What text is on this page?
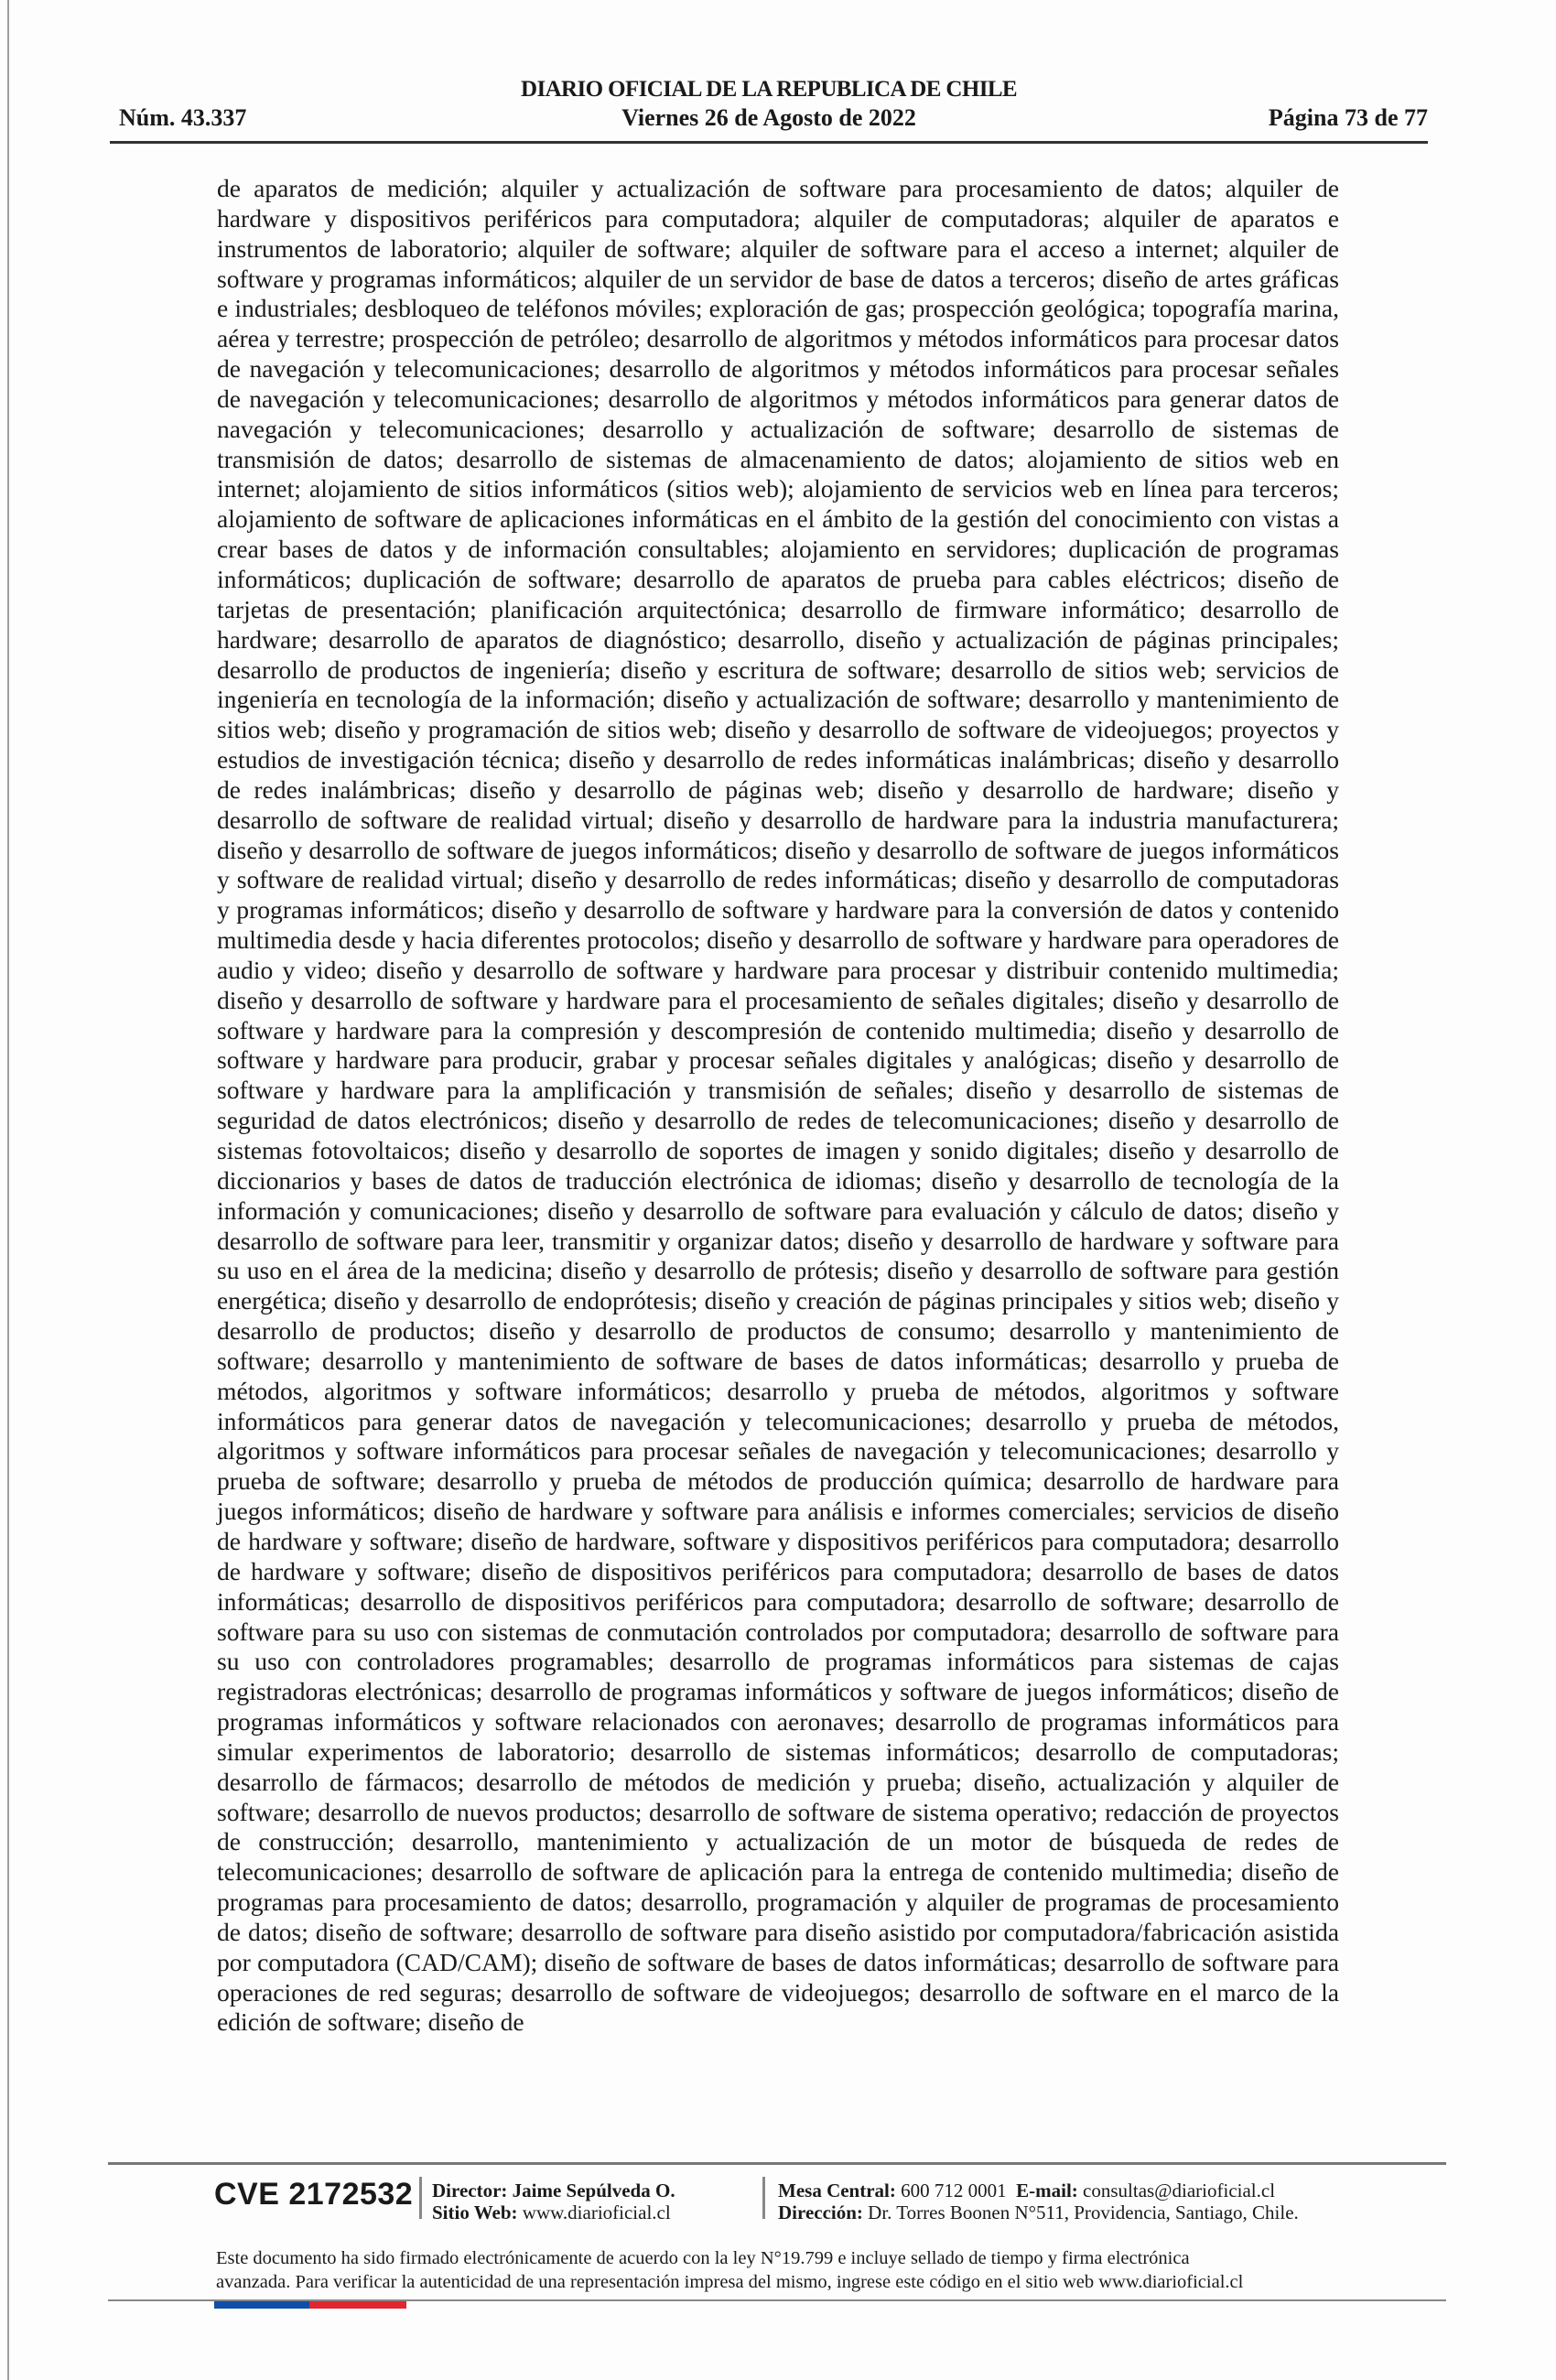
DIARIO OFICIAL DE LA REPUBLICA DE CHILE
Núm. 43.337	Viernes 26 de Agosto de 2022	Página 73 de 77

de aparatos de medición; alquiler y actualización de software para procesamiento de datos; alquiler de hardware y dispositivos periféricos para computadora; alquiler de computadoras; alquiler de aparatos e instrumentos de laboratorio; alquiler de software; alquiler de software para el acceso a internet; alquiler de software y programas informáticos; alquiler de un servidor de base de datos a terceros; diseño de artes gráficas e industriales; desbloqueo de teléfonos móviles; exploración de gas; prospección geológica; topografía marina, aérea y terrestre; prospección de petróleo; desarrollo de algoritmos y métodos informáticos para procesar datos de navegación y telecomunicaciones; desarrollo de algoritmos y métodos informáticos para procesar señales de navegación y telecomunicaciones; desarrollo de algoritmos y métodos informáticos para generar datos de navegación y telecomunicaciones; desarrollo y actualización de software; desarrollo de sistemas de transmisión de datos; desarrollo de sistemas de almacenamiento de datos; alojamiento de sitios web en internet; alojamiento de sitios informáticos (sitios web); alojamiento de servicios web en línea para terceros; alojamiento de software de aplicaciones informáticas en el ámbito de la gestión del conocimiento con vistas a crear bases de datos y de información consultables; alojamiento en servidores; duplicación de programas informáticos; duplicación de software; desarrollo de aparatos de prueba para cables eléctricos; diseño de tarjetas de presentación; planificación arquitectónica; desarrollo de firmware informático; desarrollo de hardware; desarrollo de aparatos de diagnóstico; desarrollo, diseño y actualización de páginas principales; desarrollo de productos de ingeniería; diseño y escritura de software; desarrollo de sitios web; servicios de ingeniería en tecnología de la información; diseño y actualización de software; desarrollo y mantenimiento de sitios web; diseño y programación de sitios web; diseño y desarrollo de software de videojuegos; proyectos y estudios de investigación técnica; diseño y desarrollo de redes informáticas inalámbricas; diseño y desarrollo de redes inalámbricas; diseño y desarrollo de páginas web; diseño y desarrollo de hardware; diseño y desarrollo de software de realidad virtual; diseño y desarrollo de hardware para la industria manufacturera; diseño y desarrollo de software de juegos informáticos; diseño y desarrollo de software de juegos informáticos y software de realidad virtual; diseño y desarrollo de redes informáticas; diseño y desarrollo de computadoras y programas informáticos; diseño y desarrollo de software y hardware para la conversión de datos y contenido multimedia desde y hacia diferentes protocolos; diseño y desarrollo de software y hardware para operadores de audio y video; diseño y desarrollo de software y hardware para procesar y distribuir contenido multimedia; diseño y desarrollo de software y hardware para el procesamiento de señales digitales; diseño y desarrollo de software y hardware para la compresión y descompresión de contenido multimedia; diseño y desarrollo de software y hardware para producir, grabar y procesar señales digitales y analógicas; diseño y desarrollo de software y hardware para la amplificación y transmisión de señales; diseño y desarrollo de sistemas de seguridad de datos electrónicos; diseño y desarrollo de redes de telecomunicaciones; diseño y desarrollo de sistemas fotovoltaicos; diseño y desarrollo de soportes de imagen y sonido digitales; diseño y desarrollo de diccionarios y bases de datos de traducción electrónica de idiomas; diseño y desarrollo de tecnología de la información y comunicaciones; diseño y desarrollo de software para evaluación y cálculo de datos; diseño y desarrollo de software para leer, transmitir y organizar datos; diseño y desarrollo de hardware y software para su uso en el área de la medicina; diseño y desarrollo de prótesis; diseño y desarrollo de software para gestión energética; diseño y desarrollo de endoprótesis; diseño y creación de páginas principales y sitios web; diseño y desarrollo de productos; diseño y desarrollo de productos de consumo; desarrollo y mantenimiento de software; desarrollo y mantenimiento de software de bases de datos informáticas; desarrollo y prueba de métodos, algoritmos y software informáticos; desarrollo y prueba de métodos, algoritmos y software informáticos para generar datos de navegación y telecomunicaciones; desarrollo y prueba de métodos, algoritmos y software informáticos para procesar señales de navegación y telecomunicaciones; desarrollo y prueba de software; desarrollo y prueba de métodos de producción química; desarrollo de hardware para juegos informáticos; diseño de hardware y software para análisis e informes comerciales; servicios de diseño de hardware y software; diseño de hardware, software y dispositivos periféricos para computadora; desarrollo de hardware y software; diseño de dispositivos periféricos para computadora; desarrollo de bases de datos informáticas; desarrollo de dispositivos periféricos para computadora; desarrollo de software; desarrollo de software para su uso con sistemas de conmutación controlados por computadora; desarrollo de software para su uso con controladores programables; desarrollo de programas informáticos para sistemas de cajas registradoras electrónicas; desarrollo de programas informáticos y software de juegos informáticos; diseño de programas informáticos y software relacionados con aeronaves; desarrollo de programas informáticos para simular experimentos de laboratorio; desarrollo de sistemas informáticos; desarrollo de computadoras; desarrollo de fármacos; desarrollo de métodos de medición y prueba; diseño, actualización y alquiler de software; desarrollo de nuevos productos; desarrollo de software de sistema operativo; redacción de proyectos de construcción; desarrollo, mantenimiento y actualización de un motor de búsqueda de redes de telecomunicaciones; desarrollo de software de aplicación para la entrega de contenido multimedia; diseño de programas para procesamiento de datos; desarrollo, programación y alquiler de programas de procesamiento de datos; diseño de software; desarrollo de software para diseño asistido por computadora/fabricación asistida por computadora (CAD/CAM); diseño de software de bases de datos informáticas; desarrollo de software para operaciones de red seguras; desarrollo de software de videojuegos; desarrollo de software en el marco de la edición de software; diseño de

CVE 2172532 Director: Jaime Sepúlveda O.
Sitio Web: www.diarioficial.cl
Mesa Central: 600 712 0001 E-mail: consultas@diarioficial.cl
Dirección: Dr. Torres Boonen N°511, Providencia, Santiago, Chile.
Este documento ha sido firmado electrónicamente de acuerdo con la ley N°19.799 e incluye sellado de tiempo y firma electrónica
avanzada. Para verificar la autenticidad de una representación impresa del mismo, ingrese este código en el sitio web www.diarioficial.cl
